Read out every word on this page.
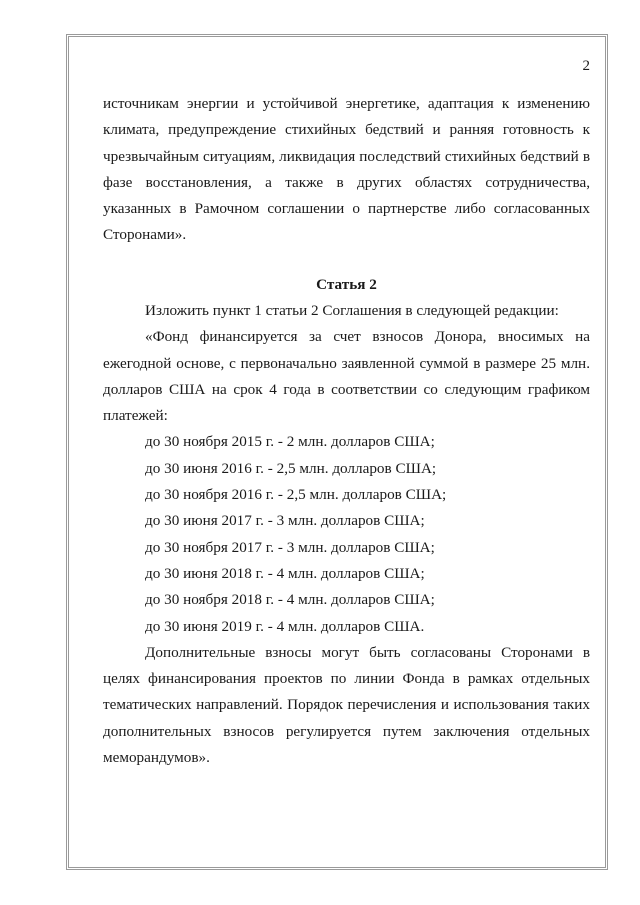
2

источникам энергии и устойчивой энергетике, адаптация к изменению климата, предупреждение стихийных бедствий и ранняя готовность к чрезвычайным ситуациям, ликвидация последствий стихийных бедствий в фазе восстановления, а также в других областях сотрудничества, указанных в Рамочном соглашении о партнерстве либо согласованных Сторонами».

Статья 2

Изложить пункт 1 статьи 2 Соглашения в следующей редакции:

«Фонд финансируется за счет взносов Донора, вносимых на ежегодной основе, с первоначально заявленной суммой в размере 25 млн. долларов США на срок 4 года в соответствии со следующим графиком платежей:

до 30 ноября 2015 г. - 2 млн. долларов США;

до 30 июня 2016 г. - 2,5 млн. долларов США;

до 30 ноября 2016 г. - 2,5 млн. долларов США;

до 30 июня 2017 г. - 3 млн. долларов США;

до 30 ноября 2017 г. - 3 млн. долларов США;

до 30 июня 2018 г. - 4 млн. долларов США;

до 30 ноября 2018 г. - 4 млн. долларов США;

до 30 июня 2019 г. - 4 млн. долларов США.

Дополнительные взносы могут быть согласованы Сторонами в целях финансирования проектов по линии Фонда в рамках отдельных тематических направлений. Порядок перечисления и использования таких дополнительных взносов регулируется путем заключения отдельных меморандумов».
